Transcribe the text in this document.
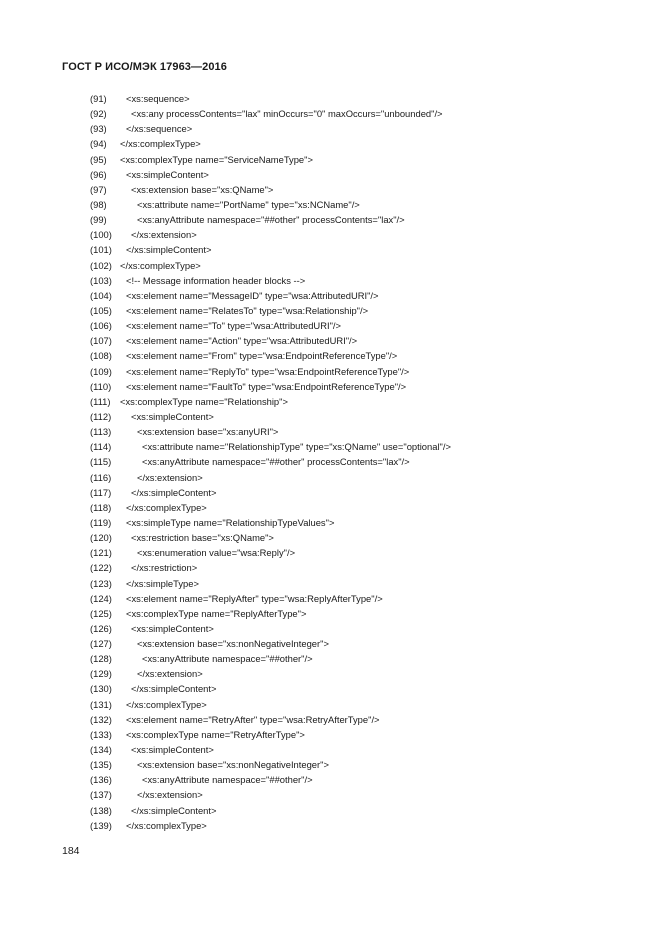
ГОСТ Р ИСО/МЭК 17963—2016
(91) <xs:sequence>
(92)	<xs:any processContents="lax" minOccurs="0" maxOccurs="unbounded"/>
(93) </xs:sequence>
(94) </xs:complexType>
(95) <xs:complexType name="ServiceNameType">
(96) <xs:simpleContent>
(97)	<xs:extension base="xs:QName">
(98)	<xs:attribute name="PortName" type="xs:NCName"/>
(99)	<xs:anyAttribute namespace="##other" processContents="lax"/>
(100) </xs:extension>
(101) </xs:simpleContent>
(102) </xs:complexType>
(103) <!-- Message information header blocks -->
(104) <xs:element name="MessageID" type="wsa:AttributedURI"/>
(105) <xs:element name="RelatesTo" type="wsa:Relationship"/>
(106) <xs:element name="To" type="wsa:AttributedURI"/>
(107) <xs:element name="Action" type="wsa:AttributedURI"/>
(108) <xs:element name="From" type="wsa:EndpointReferenceType"/>
(109) <xs:element name="ReplyTo" type="wsa:EndpointReferenceType"/>
(110) <xs:element name="FaultTo" type="wsa:EndpointReferenceType"/>
(111) <xs:complexType name="Relationship">
(112) <xs:simpleContent>
(113)	<xs:extension base="xs:anyURI">
(114)	<xs:attribute name="RelationshipType" type="xs:QName" use="optional"/>
(115)	<xs:anyAttribute namespace="##other" processContents="lax"/>
(116)	</xs:extension>
(117) </xs:simpleContent>
(118) </xs:complexType>
(119) <xs:simpleType name="RelationshipTypeValues">
(120) <xs:restriction base="xs:QName">
(121)	<xs:enumeration value="wsa:Reply"/>
(122) </xs:restriction>
(123) </xs:simpleType>
(124) <xs:element name="ReplyAfter" type="wsa:ReplyAfterType"/>
(125) <xs:complexType name="ReplyAfterType">
(126) <xs:simpleContent>
(127)	<xs:extension base="xs:nonNegativeInteger">
(128)	<xs:anyAttribute namespace="##other"/>
(129)	</xs:extension>
(130) </xs:simpleContent>
(131) </xs:complexType>
(132) <xs:element name="RetryAfter" type="wsa:RetryAfterType"/>
(133) <xs:complexType name="RetryAfterType">
(134) <xs:simpleContent>
(135)	<xs:extension base="xs:nonNegativeInteger">
(136)	<xs:anyAttribute namespace="##other"/>
(137)	</xs:extension>
(138) </xs:simpleContent>
(139) </xs:complexType>
184
